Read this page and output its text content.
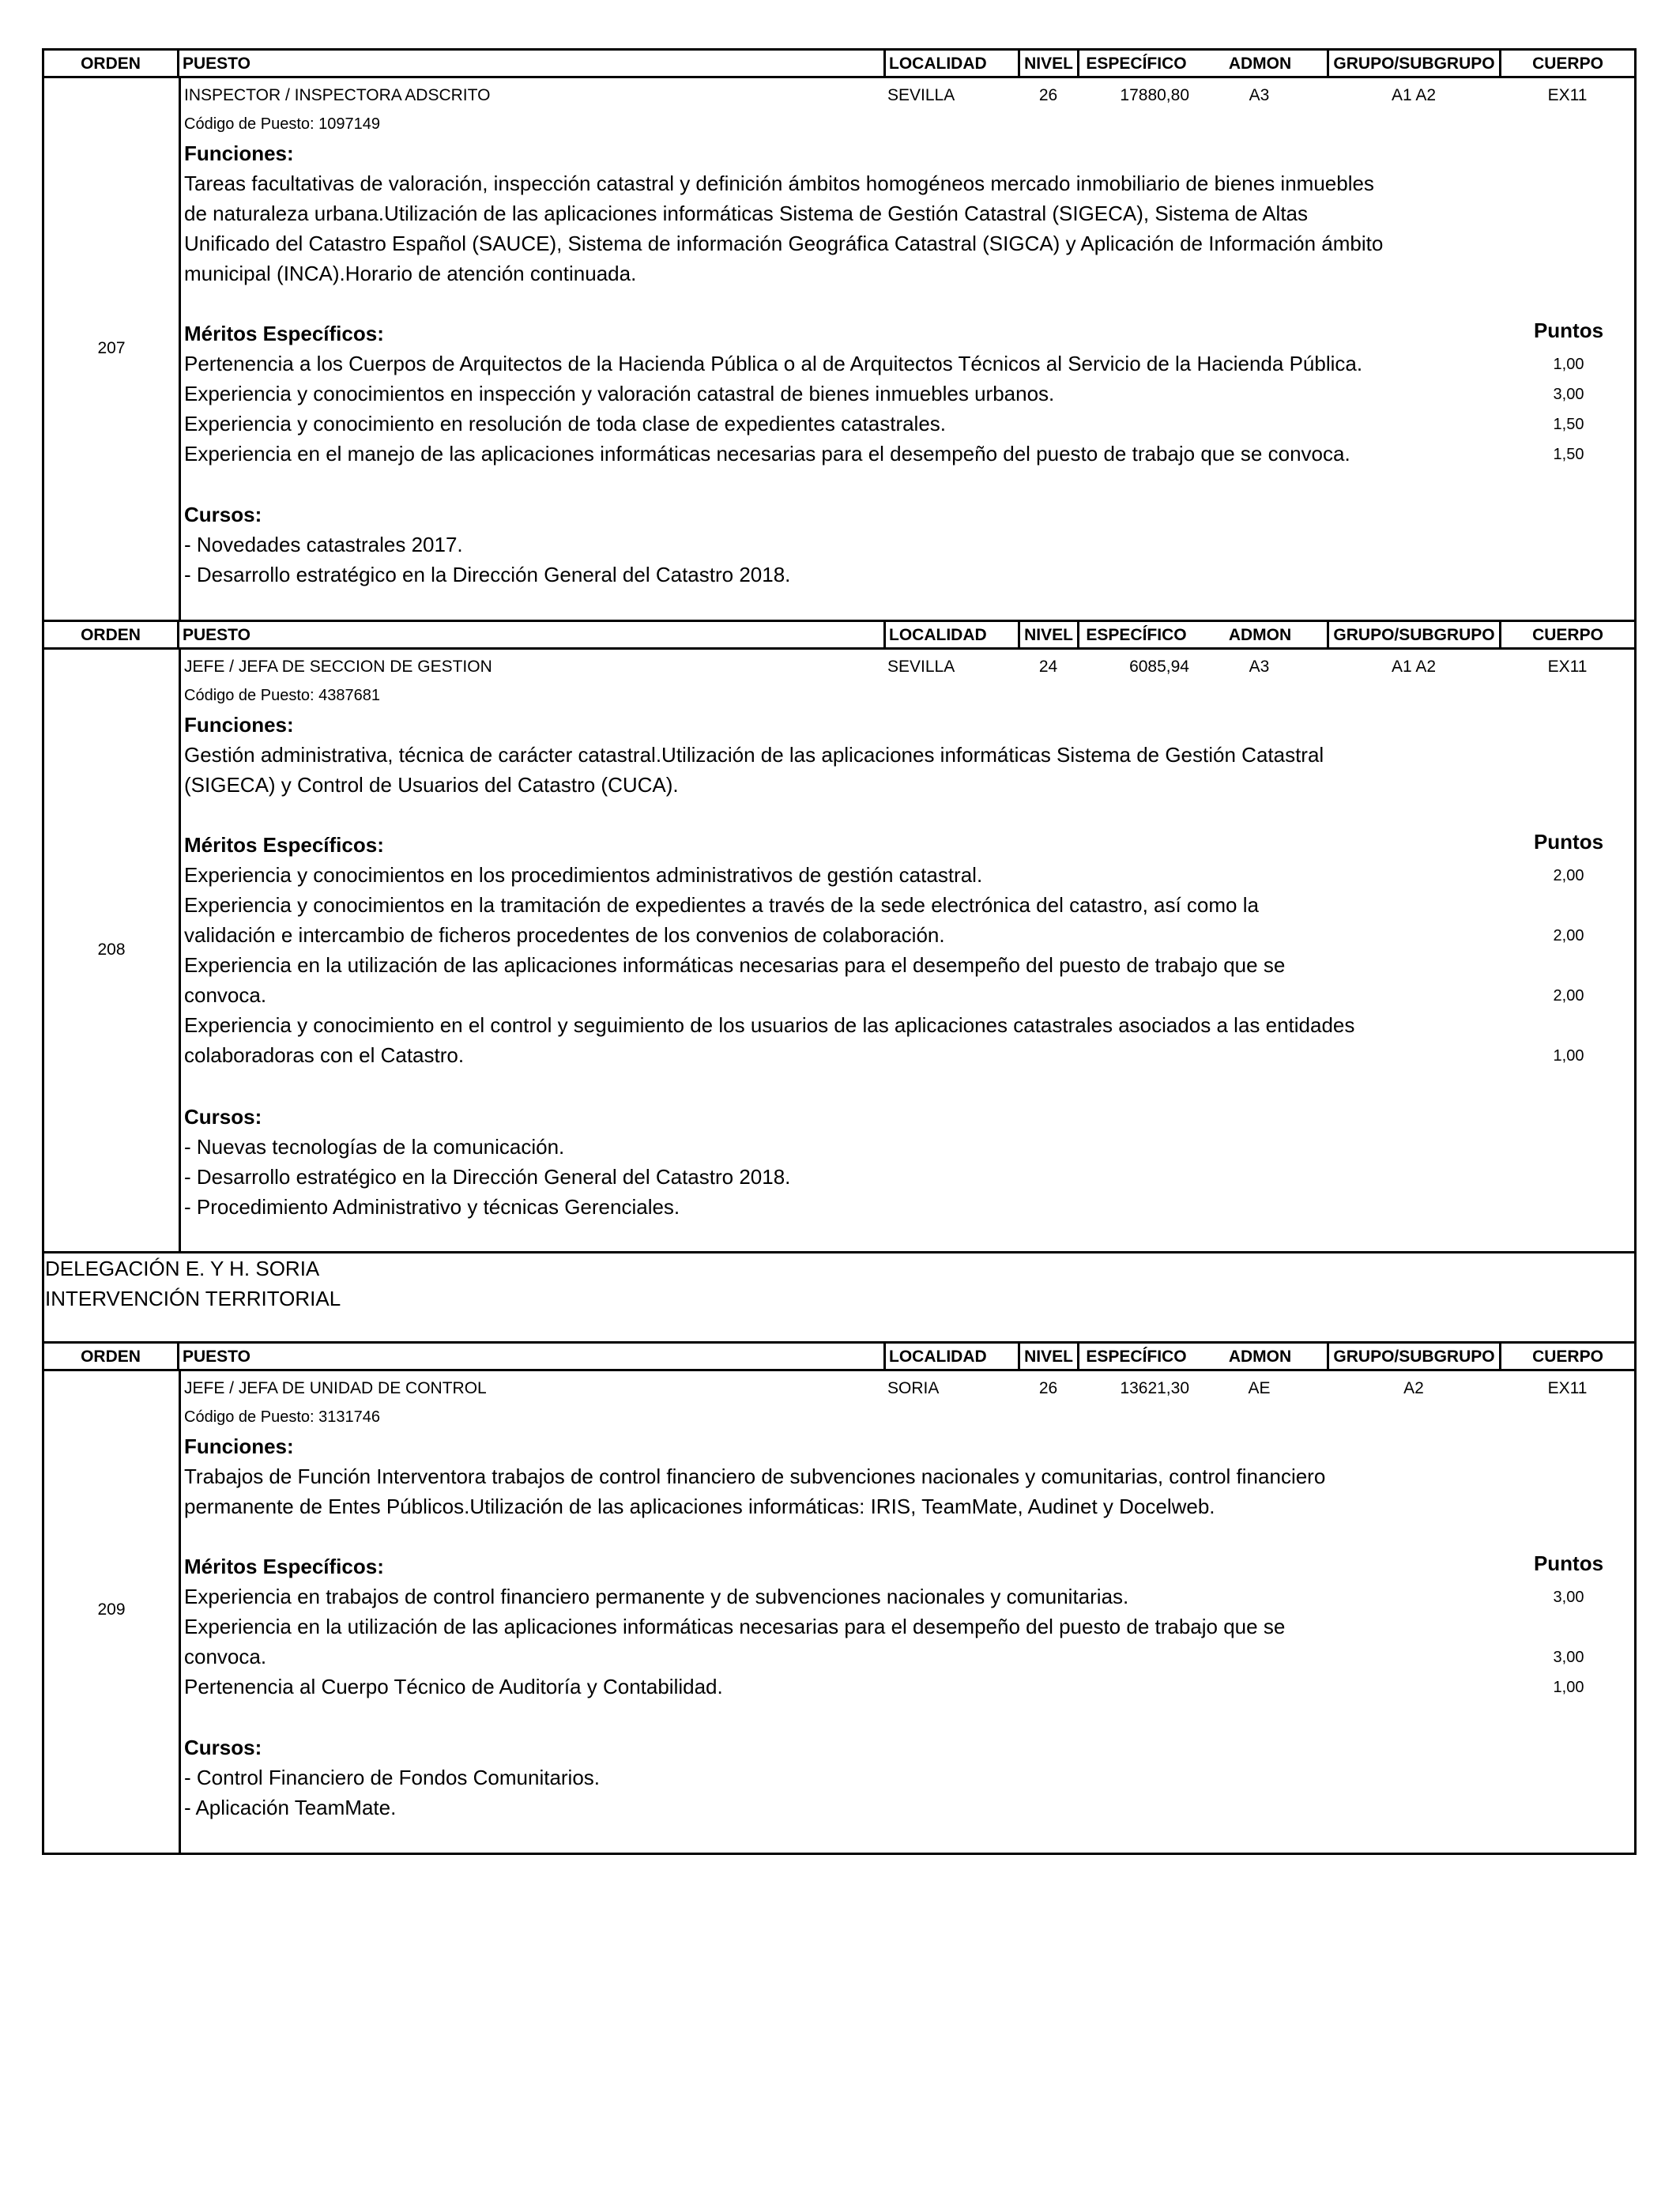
ORDEN	PUESTO	LOCALIDAD	NIVEL ESPECÍFICO	ADMON	GRUPO/SUBGRUPO	CUERPO
207
INSPECTOR / INSPECTORA ADSCRITO	SEVILLA	26	17880,80	A3	A1 A2	EX11
Código de Puesto: 1097149
Funciones:
Tareas facultativas de valoración, inspección catastral y definición ámbitos homogéneos mercado inmobiliario de bienes inmuebles
de naturaleza urbana.Utilización de las aplicaciones informáticas Sistema de Gestión Catastral (SIGECA), Sistema de Altas
Unificado del Catastro Español (SAUCE), Sistema de información Geográfica Catastral (SIGCA) y Aplicación de Información ámbito
municipal (INCA).Horario de atención continuada.
Méritos Específicos:	Puntos
Pertenencia a los Cuerpos de Arquitectos de la Hacienda Pública o al de Arquitectos Técnicos al Servicio de la Hacienda Pública.	1,00
Experiencia y conocimientos en inspección y valoración catastral de bienes inmuebles urbanos.	3,00
Experiencia y conocimiento en resolución de toda clase de expedientes catastrales.	1,50
Experiencia en el manejo de las aplicaciones informáticas necesarias para el desempeño del puesto de trabajo que se convoca.	1,50
Cursos:
- Novedades catastrales 2017.
- Desarrollo estratégico en la Dirección General del Catastro 2018.
ORDEN	PUESTO	LOCALIDAD	NIVEL ESPECÍFICO	ADMON	GRUPO/SUBGRUPO	CUERPO
208
JEFE / JEFA DE SECCION DE GESTION	SEVILLA	24	6085,94	A3	A1 A2	EX11
Código de Puesto: 4387681
Funciones:
Gestión administrativa, técnica de carácter catastral.Utilización de las aplicaciones informáticas Sistema de Gestión Catastral
(SIGECA) y Control de Usuarios del Catastro (CUCA).
Méritos Específicos:	Puntos
Experiencia y conocimientos en los procedimientos administrativos de gestión catastral.	2,00
Experiencia y conocimientos en la tramitación de expedientes a través de la sede electrónica del catastro, así como la
validación e intercambio de ficheros procedentes de los convenios de colaboración.	2,00
Experiencia en la utilización de las aplicaciones informáticas necesarias para el desempeño del puesto de trabajo que se
convoca.	2,00
Experiencia y conocimiento en el control y seguimiento de los usuarios de las aplicaciones catastrales asociados a las entidades
colaboradoras con el Catastro.	1,00
Cursos:
- Nuevas tecnologías de la comunicación.
- Desarrollo estratégico en la Dirección General del Catastro 2018.
- Procedimiento Administrativo y técnicas Gerenciales.
DELEGACIÓN E. Y H. SORIA
INTERVENCIÓN TERRITORIAL
ORDEN	PUESTO	LOCALIDAD	NIVEL ESPECÍFICO	ADMON	GRUPO/SUBGRUPO	CUERPO
209
JEFE / JEFA DE UNIDAD DE CONTROL	SORIA	26	13621,30	AE	A2	EX11
Código de Puesto: 3131746
Funciones:
Trabajos de Función Interventora trabajos de control financiero de subvenciones nacionales y comunitarias, control financiero
permanente de Entes Públicos.Utilización de las aplicaciones informáticas: IRIS, TeamMate, Audinet y Docelweb.
Méritos Específicos:	Puntos
Experiencia en trabajos de control financiero permanente y de subvenciones nacionales y comunitarias.	3,00
Experiencia en la utilización de las aplicaciones informáticas necesarias para el desempeño del puesto de trabajo que se
convoca.	3,00
Pertenencia al Cuerpo Técnico de Auditoría y Contabilidad.	1,00
Cursos:
- Control Financiero de Fondos Comunitarios.
- Aplicación TeamMate.
